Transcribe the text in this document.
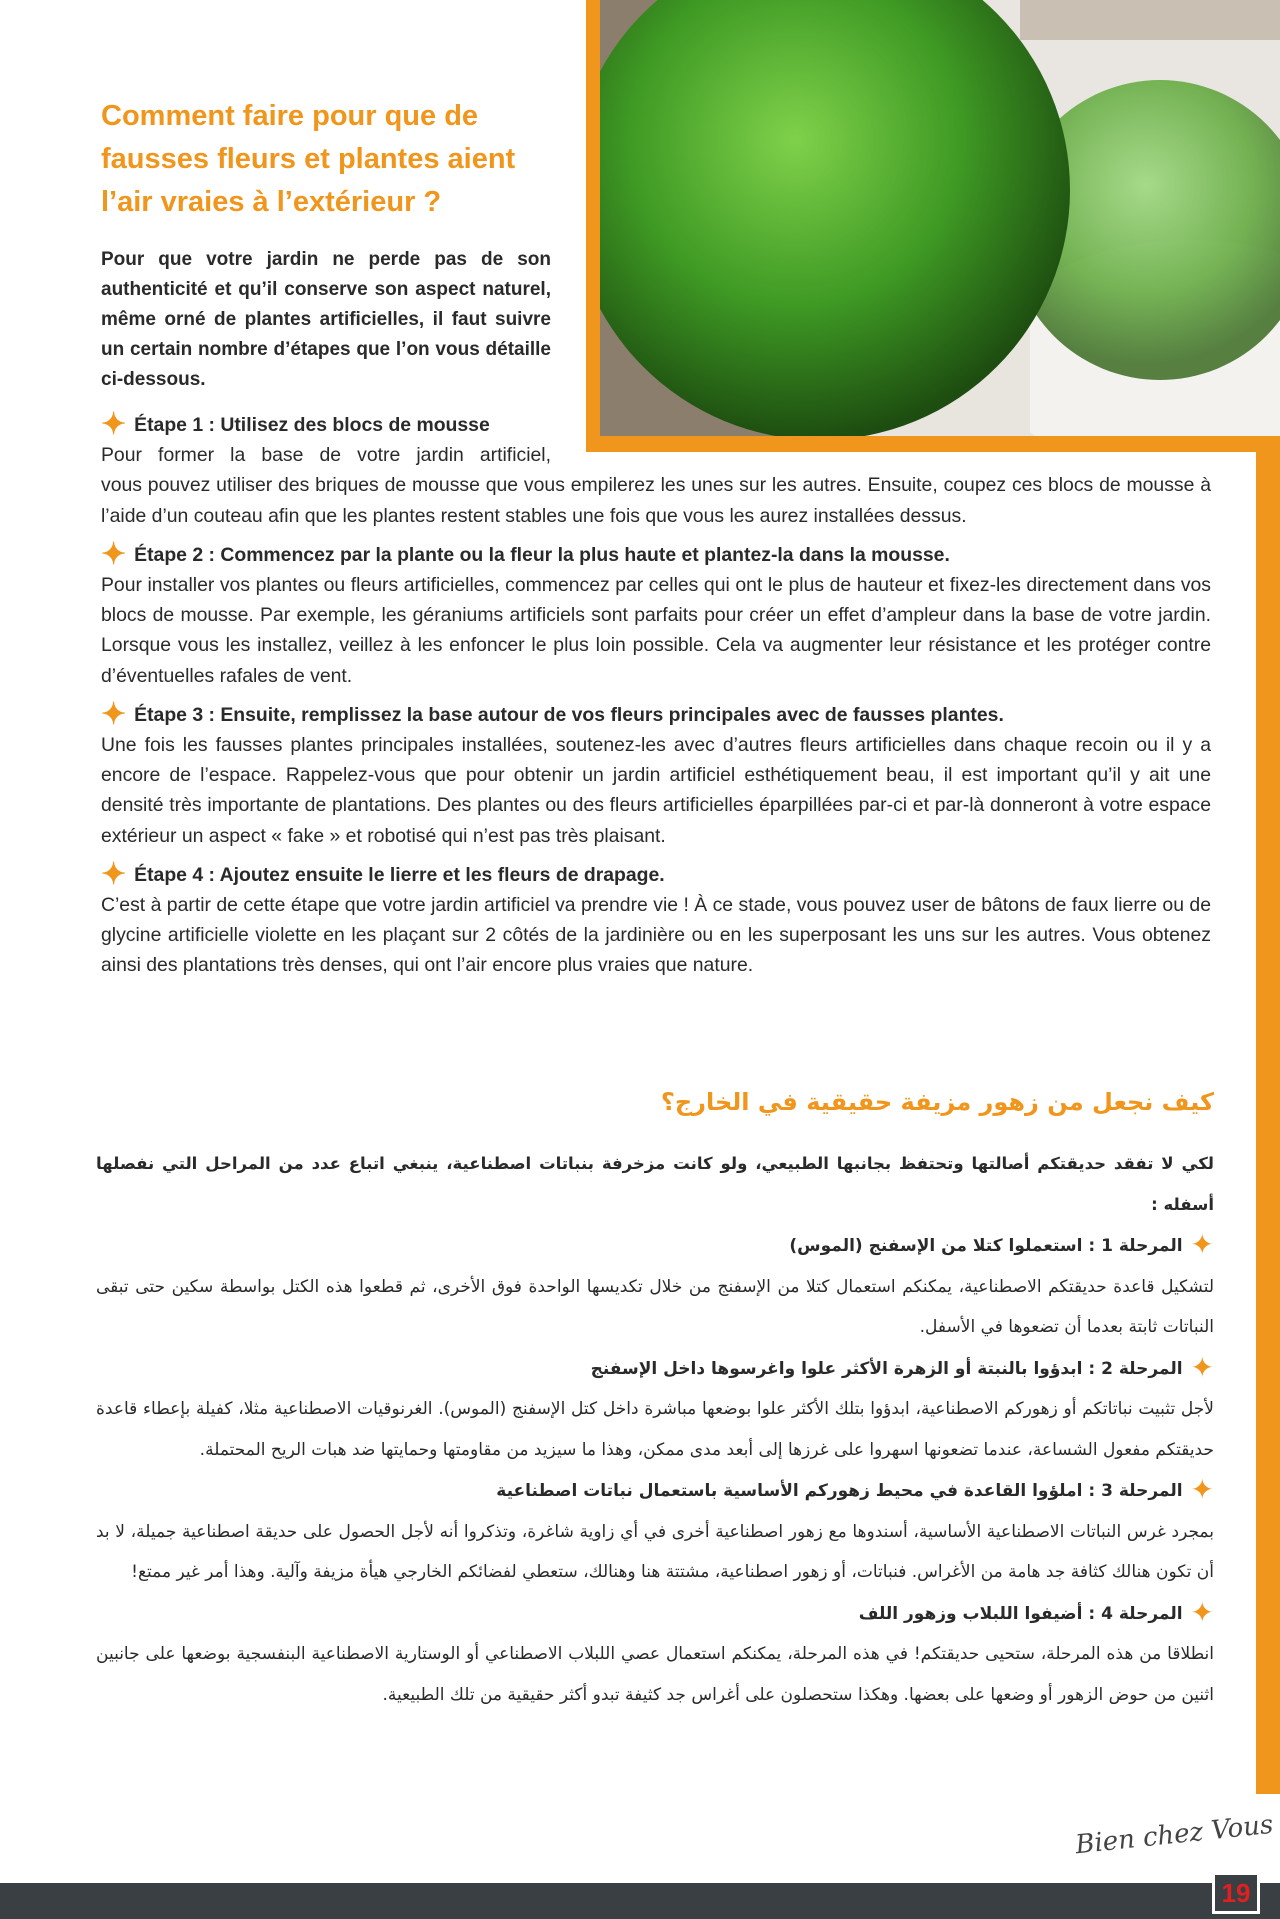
Comment faire pour que de fausses fleurs et plantes aient l’air vraies à l’extérieur ?

Pour que votre jardin ne perde pas de son authenticité et qu’il conserve son aspect naturel, même orné de plantes artificielles, il faut suivre un certain nombre d’étapes que l’on vous détaille ci-dessous.

✦ Étape 1 : Utilisez des blocs de mousse
Pour former la base de votre jardin artificiel,
vous pouvez utiliser des briques de mousse que vous empilerez les unes sur les autres. Ensuite, coupez ces blocs de mousse à l’aide d’un couteau afin que les plantes restent stables une fois que vous les aurez installées dessus.
✦ Étape 2 : Commencez par la plante ou la fleur la plus haute et plantez-la dans la mousse.
Pour installer vos plantes ou fleurs artificielles, commencez par celles qui ont le plus de hauteur et fixez-les directement dans vos blocs de mousse. Par exemple, les géraniums artificiels sont parfaits pour créer un effet d’ampleur dans la base de votre jardin. Lorsque vous les installez, veillez à les enfoncer le plus loin possible. Cela va augmenter leur résistance et les protéger contre d’éventuelles rafales de vent.
✦ Étape 3 : Ensuite, remplissez la base autour de vos fleurs principales avec de fausses plantes.
Une fois les fausses plantes principales installées, soutenez-les avec d’autres fleurs artificielles dans chaque recoin ou il y a encore de l’espace. Rappelez-vous que pour obtenir un jardin artificiel esthétiquement beau, il est important qu’il y ait une densité très importante de plantations. Des plantes ou des fleurs artificielles éparpillées par-ci et par-là donneront à votre espace extérieur un aspect « fake » et robotisé qui n’est pas très plaisant.
✦ Étape 4 : Ajoutez ensuite le lierre et les fleurs de drapage.
C’est à partir de cette étape que votre jardin artificiel va prendre vie ! À ce stade, vous pouvez user de bâtons de faux lierre ou de glycine artificielle violette en les plaçant sur 2 côtés de la jardinière ou en les superposant les uns sur les autres. Vous obtenez ainsi des plantations très denses, qui ont l’air encore plus vraies que nature.
كيف نجعل من زهور مزيفة حقيقية في الخارج؟

لكي لا تفقد حديقتكم أصالتها وتحتفظ بجانبها الطبيعي، ولو كانت مزخرفة بنباتات اصطناعية، ينبغي اتباع عدد من المراحل التي نفصلها أسفله :

✦المرحلة 1 : استعملوا كتلا من الإسفنج (الموس)

لتشكيل قاعدة حديقتكم الاصطناعية، يمكنكم استعمال كتلا من الإسفنج من خلال تكديسها الواحدة فوق الأخرى، ثم قطعوا هذه الكتل بواسطة سكين حتى تبقى النباتات ثابتة بعدما أن تضعوها في الأسفل.

✦المرحلة 2 : ابدؤوا بالنبتة أو الزهرة الأكثر علوا واغرسوها داخل الإسفنج

لأجل تثبيت نباتاتكم أو زهوركم الاصطناعية، ابدؤوا بتلك الأكثر علوا بوضعها مباشرة داخل كتل الإسفنج (الموس). الغرنوقيات الاصطناعية مثلا، كفيلة بإعطاء قاعدة حديقتكم مفعول الشساعة، عندما تضعونها اسهروا على غرزها إلى أبعد مدى ممكن، وهذا ما سيزيد من مقاومتها وحمايتها ضد هبات الريح المحتملة.

✦المرحلة 3 : املؤوا القاعدة في محيط زهوركم الأساسية باستعمال نباتات اصطناعية

بمجرد غرس النباتات الاصطناعية الأساسية، أسندوها مع زهور اصطناعية أخرى في أي زاوية شاغرة، وتذكروا أنه لأجل الحصول على حديقة اصطناعية جميلة، لا بد أن تكون هنالك كثافة جد هامة من الأغراس. فنباتات، أو زهور اصطناعية، مشتتة هنا وهنالك، ستعطي لفضائكم الخارجي هيأة مزيفة وآلية. وهذا أمر غير ممتع!

✦المرحلة 4 : أضيفوا اللبلاب وزهور اللف

انطلاقا من هذه المرحلة، ستحيى حديقتكم! في هذه المرحلة، يمكنكم استعمال عصي اللبلاب الاصطناعي أو الوستارية الاصطناعية البنفسجية بوضعها على جانبين اثنين من حوض الزهور أو وضعها على بعضها. وهكذا ستحصلون على أغراس جد كثيفة تبدو أكثر حقيقية من تلك الطبيعية.

Bien chez Vous
19
